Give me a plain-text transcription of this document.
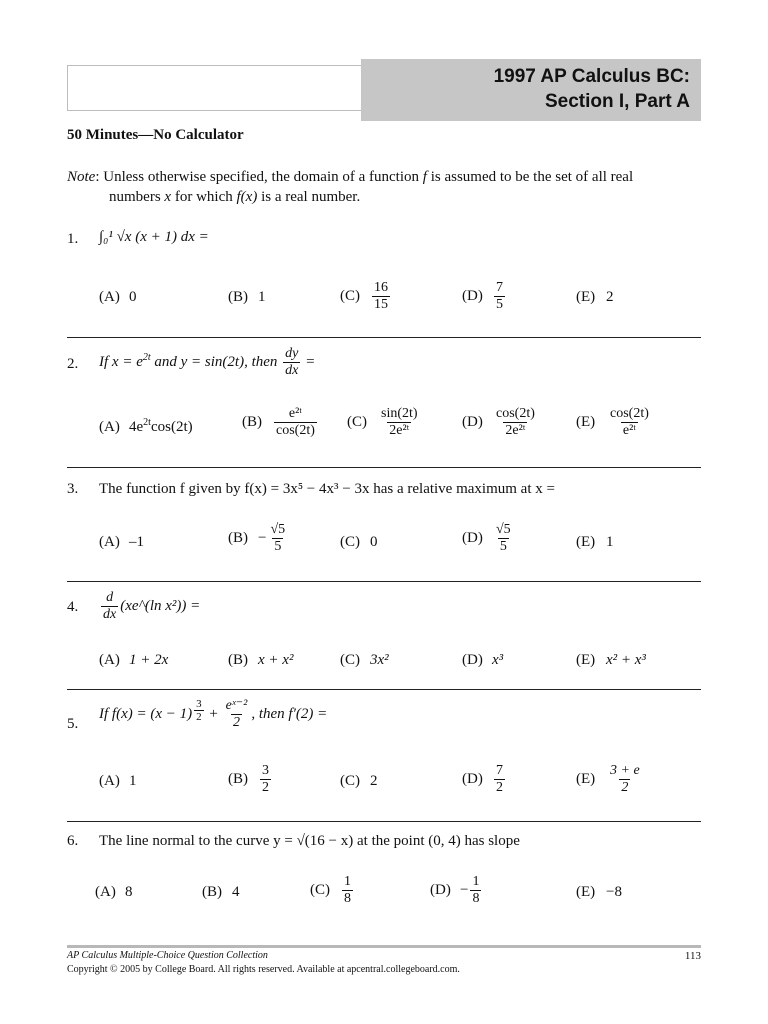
1997 AP Calculus BC:
Section I, Part A
50 Minutes—No Calculator
Note: Unless otherwise specified, the domain of a function f is assumed to be the set of all real
numbers x for which f(x) is a real number.
1. ∫₀¹ √x (x + 1) dx =
(A) 0	(B) 1	$(C) \frac{16}{15}$	$(D) \frac{7}{5}$	(E) 2
2. If $x = e^{2t}$ and y = sin(2t), then $\frac{dy}{dx}$ =
(A) $4e^{2t}\cos(2t)$	$(B) \frac{\text{e²ᵗ}}{\cos(2t)} (C) \frac{\sin(2t)}{\text{2e²ᵗ}}$	$(D) \frac{\cos(2t)}{\text{2e²ᵗ}}$	$(E) \frac{\cos(2t)}{\text{e²ᵗ}}$
3. The function f given by f(x) = 3x⁵ − 4x³ − 3x has a relative maximum at x =
(A) –1	$(B) - \frac{√5}{5}$	(C) 0	$(D) \frac{√5}{5}$	(E) 1
4. $\frac{d}{dx}$ (xe^(ln x²)) =
(A) 1 + 2x	(B) x + x²	(C) 3x²	(D) x³	(E) x² + x³
5.
If $f(x) = (x - 1) \frac{3}{2} + \frac{\text{eˣ⁻²}}{2}$ , then f′(2) =
(A) 1	$(B) \frac{3}{2}$	(C) 2	$(D) \frac{7}{2}$	$(E) \frac{3 + e}{2}$
6. The line normal to the curve y = √(16 − x) at the point (0, 4) has slope
(A) 8	(B) 4	$(C) \frac{1}{8}$	$(D) - \frac{1}{8}$	(E) −8
AP Calculus Multiple-Choice Question Collection
Copyright © 2005 by College Board. All rights reserved. Available at apcentral.collegeboard.com.
113
